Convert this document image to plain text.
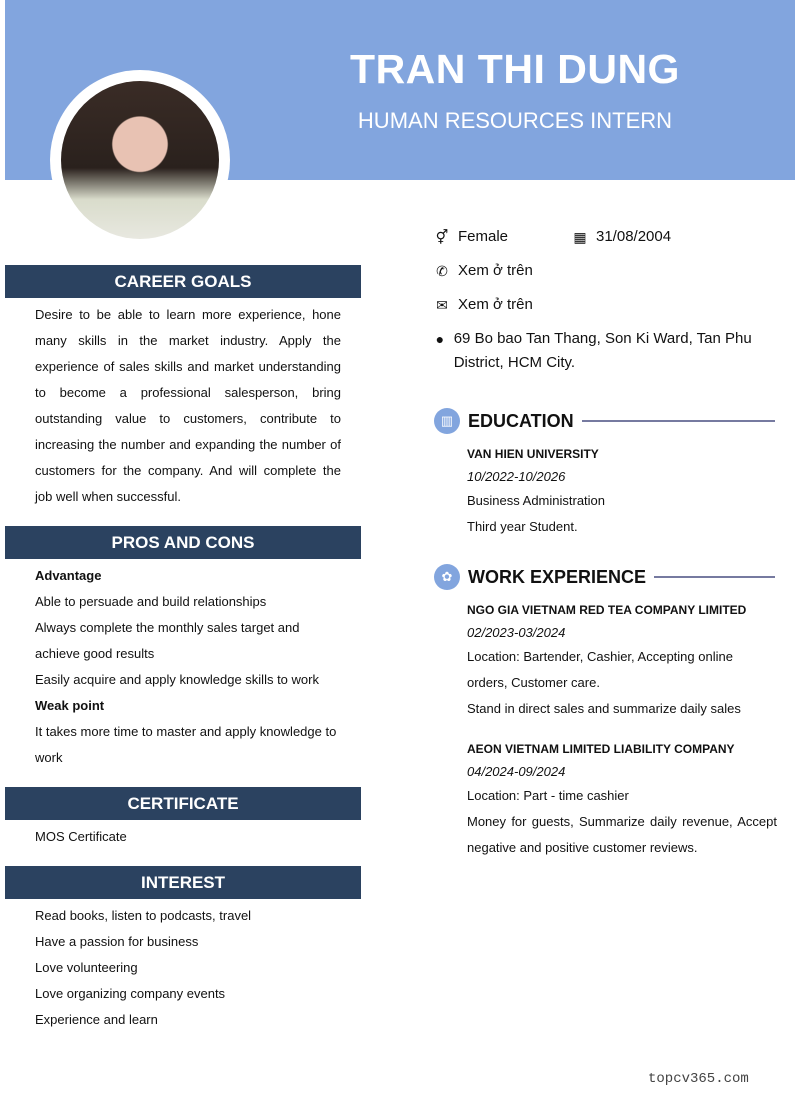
TRAN THI DUNG
HUMAN RESOURCES INTERN
⚥ Female	▦ 31/08/2004
✆ Xem ở trên
✉ Xem ở trên
● 69 Bo bao Tan Thang, Son Ki Ward, Tan Phu District, HCM City.
CAREER GOALS
Desire to be able to learn more experience, hone many skills in the market industry. Apply the experience of sales skills and market understanding to become a professional salesperson, bring outstanding value to customers, contribute to increasing the number and expanding the number of customers for the company. And will complete the job well when successful.
PROS AND CONS
Advantage
Able to persuade and build relationships
Always complete the monthly sales target and achieve good results
Easily acquire and apply knowledge skills to work
Weak point
It takes more time to master and apply knowledge to work
CERTIFICATE
MOS Certificate
INTEREST
Read books, listen to podcasts, travel
Have a passion for business
Love volunteering
Love organizing company events
Experience and learn
▥ EDUCATION
VAN HIEN UNIVERSITY
10/2022-10/2026
Business Administration
Third year Student.
✿ WORK EXPERIENCE
NGO GIA VIETNAM RED TEA COMPANY LIMITED
02/2023-03/2024
Location: Bartender, Cashier, Accepting online orders, Customer care.
Stand in direct sales and summarize daily sales
AEON VIETNAM LIMITED LIABILITY COMPANY
04/2024-09/2024
Location: Part - time cashier
Money for guests, Summarize daily revenue, Accept negative and positive customer reviews.
topcv365.com
